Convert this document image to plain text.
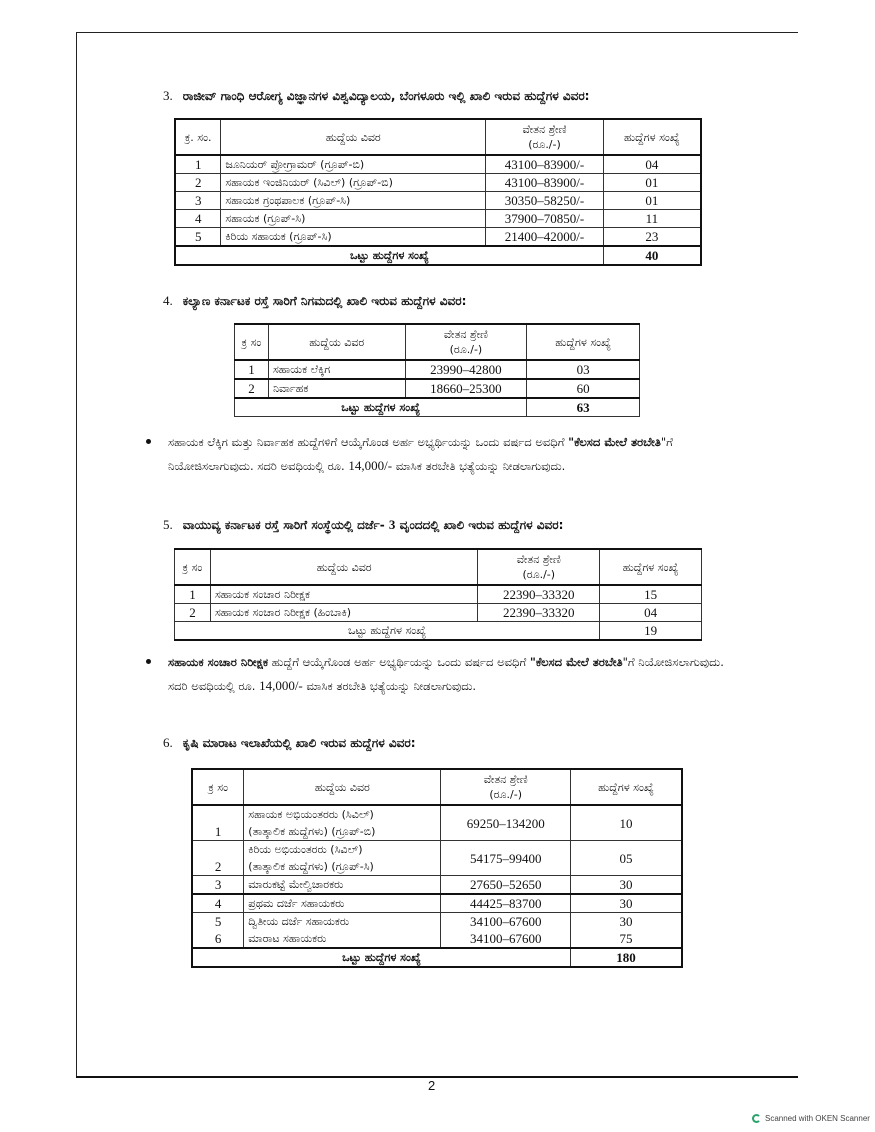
3. ರಾಜೀವ್ ಗಾಂಧಿ ಆರೋಗ್ಯ ವಿಜ್ಞಾನಗಳ ವಿಶ್ವವಿದ್ಯಾಲಯ, ಬೆಂಗಳೂರು ಇಲ್ಲಿ ಖಾಲಿ ಇರುವ ಹುದ್ದೆಗಳ ವಿವರ:
ಕ್ರ. ಸಂ.	ಹುದ್ದೆಯ ವಿವರ	ವೇತನ ಶ್ರೇಣಿ
(ರೂ./-)	ಹುದ್ದೆಗಳ ಸಂಖ್ಯೆ
1	ಜೂನಿಯರ್ ಪ್ರೋಗ್ರಾಮರ್ (ಗ್ರೂಪ್-ಬಿ)	43100–83900/-	04
2	ಸಹಾಯಕ ಇಂಜಿನಿಯರ್ (ಸಿವಿಲ್) (ಗ್ರೂಪ್-ಬಿ)	43100–83900/-	01
3	ಸಹಾಯಕ ಗ್ರಂಥಪಾಲಕ (ಗ್ರೂಪ್-ಸಿ)	30350–58250/-	01
4	ಸಹಾಯಕ (ಗ್ರೂಪ್-ಸಿ)	37900–70850/-	11
5	ಕಿರಿಯ ಸಹಾಯಕ (ಗ್ರೂಪ್-ಸಿ)	21400–42000/-	23
ಒಟ್ಟು ಹುದ್ದೆಗಳ ಸಂಖ್ಯೆ			40
4. ಕಲ್ಯಾಣ ಕರ್ನಾಟಕ ರಸ್ತೆ ಸಾರಿಗೆ ನಿಗಮದಲ್ಲಿ ಖಾಲಿ ಇರುವ ಹುದ್ದೆಗಳ ವಿವರ:
ಕ್ರ ಸಂ	ಹುದ್ದೆಯ ವಿವರ	ವೇತನ ಶ್ರೇಣಿ
(ರೂ./-)	ಹುದ್ದೆಗಳ ಸಂಖ್ಯೆ
1	ಸಹಾಯಕ ಲೆಕ್ಕಿಗ	23990–42800	03
2	ನಿರ್ವಾಹಕ	18660–25300	60
ಒಟ್ಟು ಹುದ್ದೆಗಳ ಸಂಖ್ಯೆ			63
ಸಹಾಯಕ ಲೆಕ್ಕಿಗ ಮತ್ತು ನಿರ್ವಾಹಕ ಹುದ್ದೆಗಳಿಗೆ ಆಯ್ಕೆಗೊಂಡ ಅರ್ಹ ಅಭ್ಯರ್ಥಿಯನ್ನು ಒಂದು ವರ್ಷದ ಅವಧಿಗೆ "ಕೆಲಸದ ಮೇಲೆ ತರಬೇತಿ"ಗೆ ನಿಯೋಜಿಸಲಾಗುವುದು. ಸದರಿ ಅವಧಿಯಲ್ಲಿ ರೂ. 14,000/- ಮಾಸಿಕ ತರಬೇತಿ ಭತ್ಯೆಯನ್ನು ನೀಡಲಾಗುವುದು.
5. ವಾಯುವ್ಯ ಕರ್ನಾಟಕ ರಸ್ತೆ ಸಾರಿಗೆ ಸಂಸ್ಥೆಯಲ್ಲಿ ದರ್ಜೆ- 3 ವೃಂದದಲ್ಲಿ ಖಾಲಿ ಇರುವ ಹುದ್ದೆಗಳ ವಿವರ:
ಕ್ರ ಸಂ	ಹುದ್ದೆಯ ವಿವರ	ವೇತನ ಶ್ರೇಣಿ
(ರೂ./-)	ಹುದ್ದೆಗಳ ಸಂಖ್ಯೆ
1	ಸಹಾಯಕ ಸಂಚಾರ ನಿರೀಕ್ಷಕ	22390–33320	15
2	ಸಹಾಯಕ ಸಂಚಾರ ನಿರೀಕ್ಷಕ (ಹಿಂಬಾಕಿ)	22390–33320	04
ಒಟ್ಟು ಹುದ್ದೆಗಳ ಸಂಖ್ಯೆ			19
ಸಹಾಯಕ ಸಂಚಾರ ನಿರೀಕ್ಷಕ ಹುದ್ದೆಗೆ ಆಯ್ಕೆಗೊಂಡ ಅರ್ಹ ಅಭ್ಯರ್ಥಿಯನ್ನು ಒಂದು ವರ್ಷದ ಅವಧಿಗೆ "ಕೆಲಸದ ಮೇಲೆ ತರಬೇತಿ"ಗೆ ನಿಯೋಜಿಸಲಾಗುವುದು. ಸದರಿ ಅವಧಿಯಲ್ಲಿ ರೂ. 14,000/- ಮಾಸಿಕ ತರಬೇತಿ ಭತ್ಯೆಯನ್ನು ನೀಡಲಾಗುವುದು.
6. ಕೃಷಿ ಮಾರಾಟ ಇಲಾಖೆಯಲ್ಲಿ ಖಾಲಿ ಇರುವ ಹುದ್ದೆಗಳ ವಿವರ:
ಕ್ರ ಸಂ	ಹುದ್ದೆಯ ವಿವರ	ವೇತನ ಶ್ರೇಣಿ
(ರೂ./-)	ಹುದ್ದೆಗಳ ಸಂಖ್ಯೆ
1	ಸಹಾಯಕ ಅಭಿಯಂತರರು (ಸಿವಿಲ್)
(ತಾತ್ಕಾಲಿಕ ಹುದ್ದೆಗಳು) (ಗ್ರೂಪ್-ಬಿ)	69250–134200	10
2	ಕಿರಿಯ ಅಭಿಯಂತರರು (ಸಿವಿಲ್)
(ತಾತ್ಕಾಲಿಕ ಹುದ್ದೆಗಳು) (ಗ್ರೂಪ್-ಸಿ)	54175–99400	05
3	ಮಾರುಕಟ್ಟೆ ಮೇಲ್ವಿಚಾರಕರು	27650–52650	30
4	ಪ್ರಥಮ ದರ್ಜೆ ಸಹಾಯಕರು	44425–83700	30
5	ದ್ವಿತೀಯ ದರ್ಜೆ ಸಹಾಯಕರು	34100–67600	30
6	ಮಾರಾಟ ಸಹಾಯಕರು	34100–67600	75
ಒಟ್ಟು ಹುದ್ದೆಗಳ ಸಂಖ್ಯೆ			180
2
Scanned with OKEN Scanner
